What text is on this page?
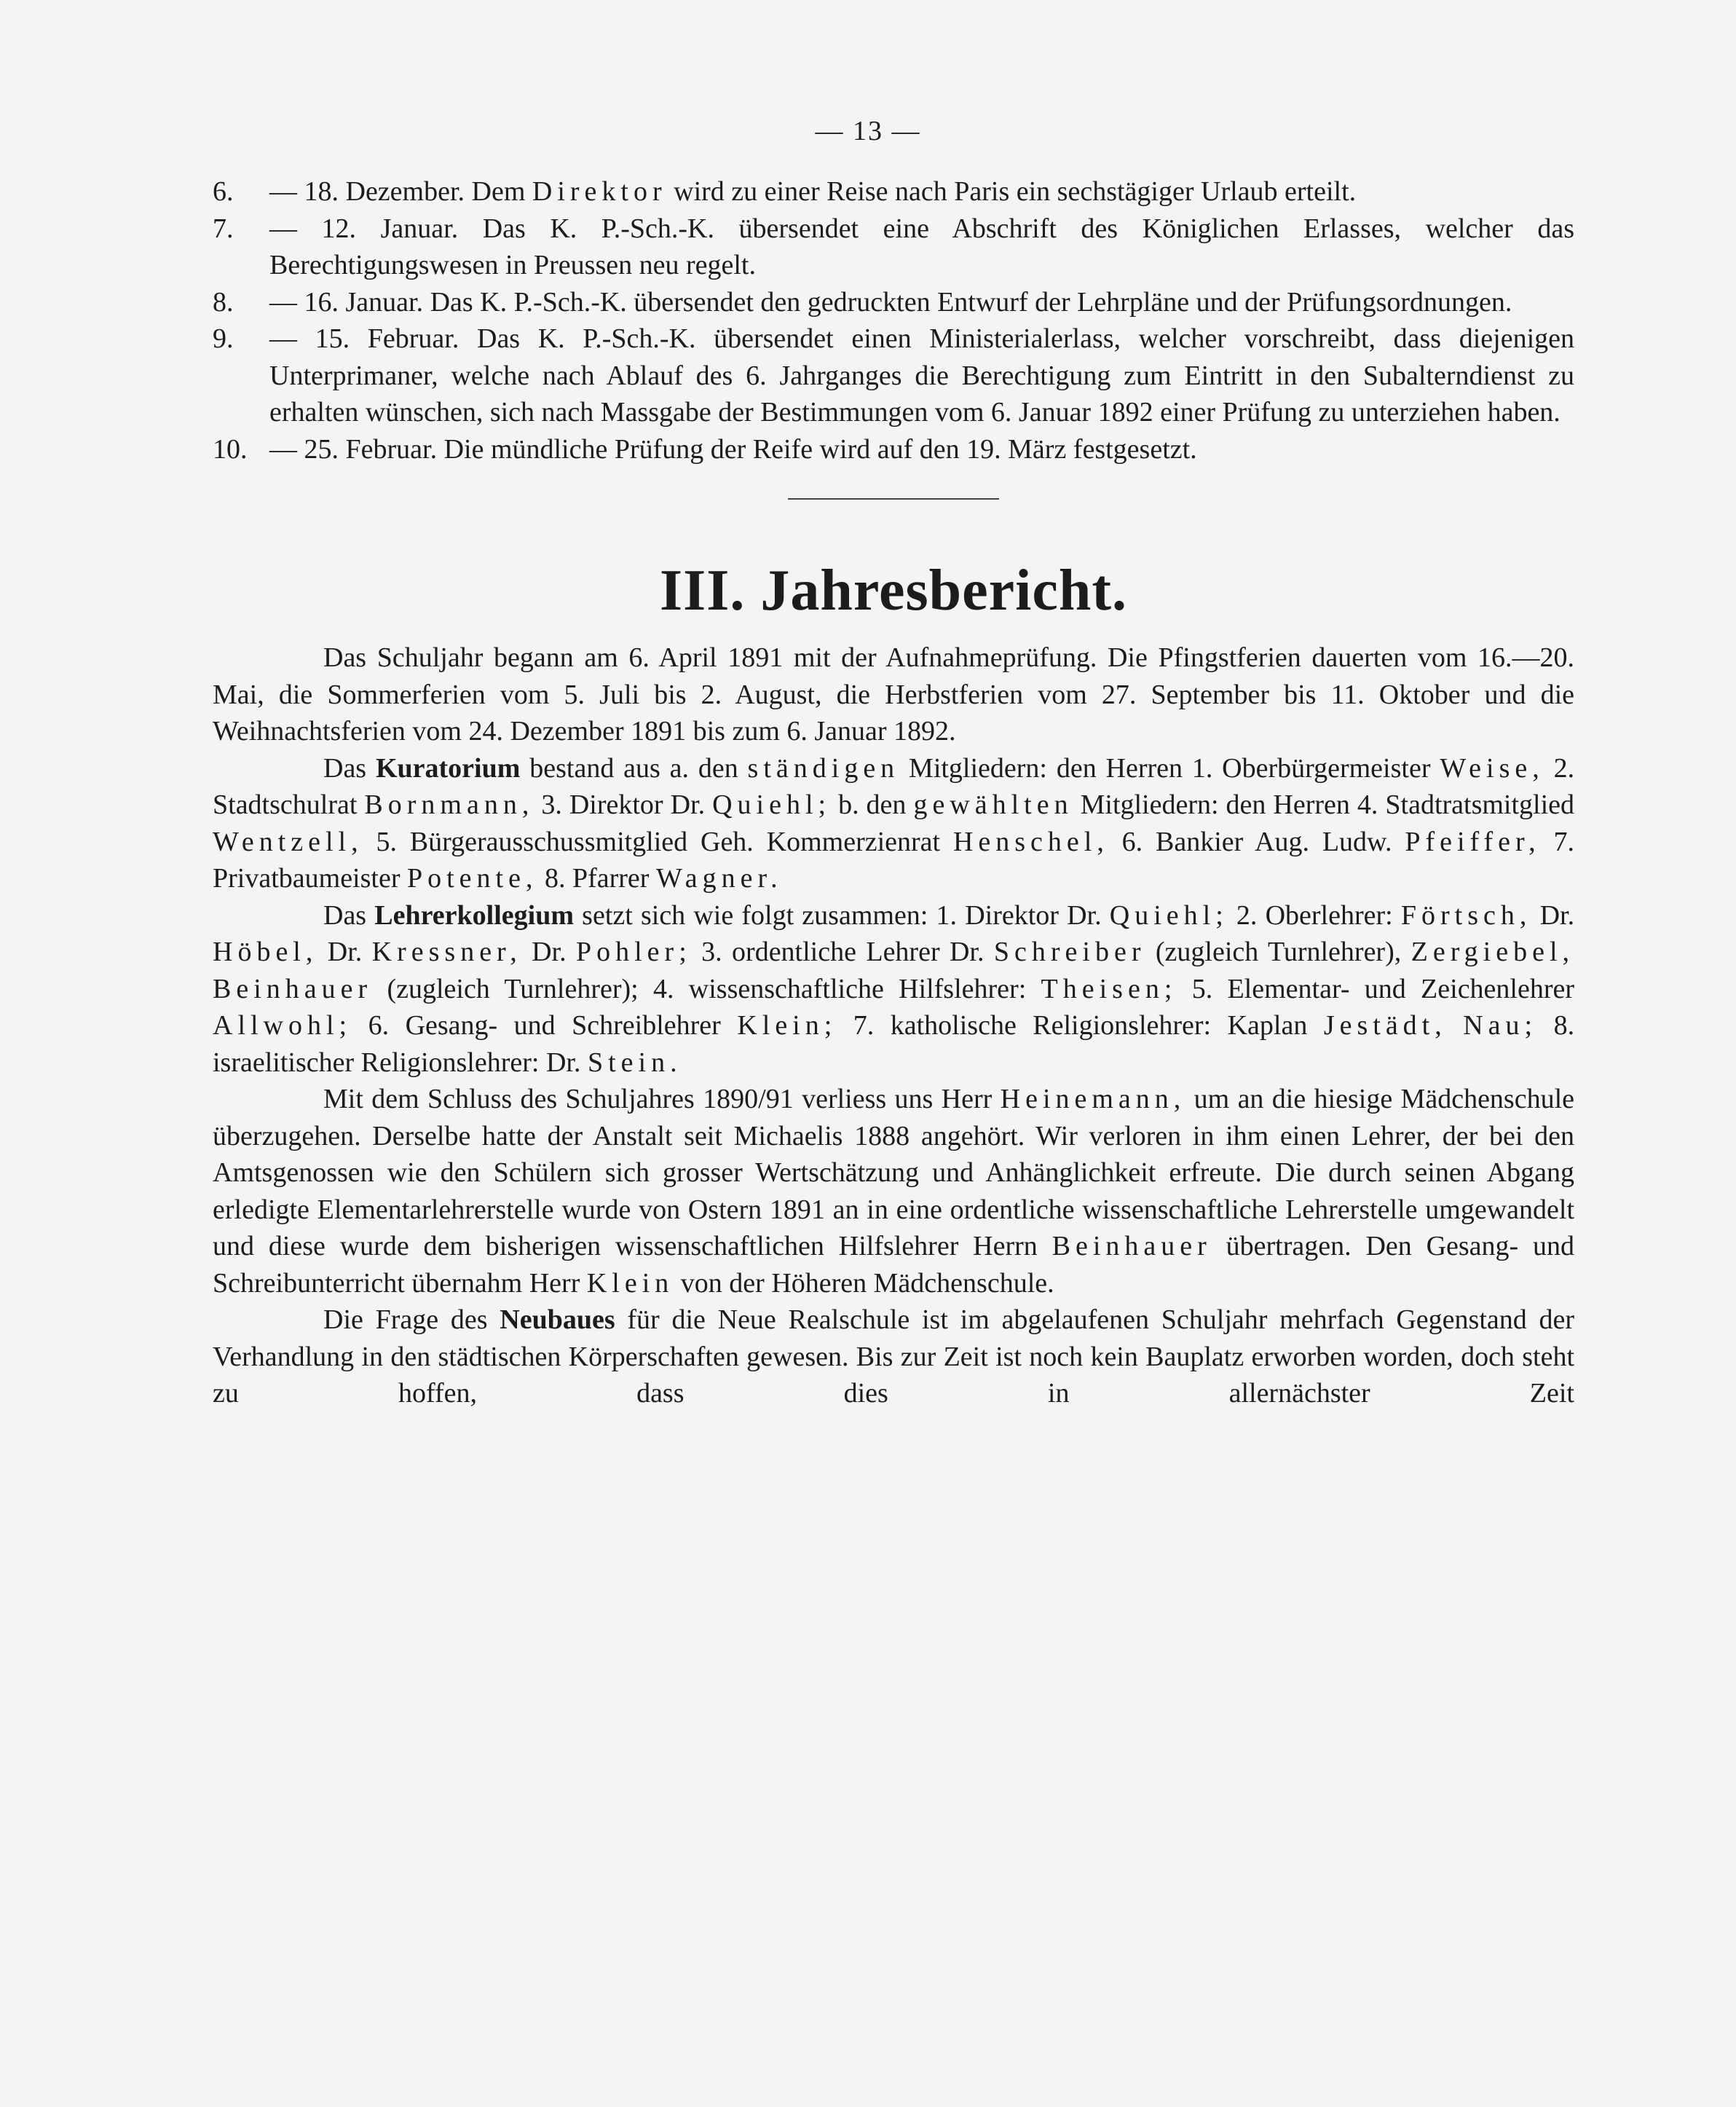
— 13 —

6. — 18. Dezember. Dem Direktor wird zu einer Reise nach Paris ein sechstägiger Urlaub erteilt.

7. — 12. Januar. Das K. P.-Sch.-K. übersendet eine Abschrift des Königlichen Erlasses, welcher das Berechtigungswesen in Preussen neu regelt.

8. — 16. Januar. Das K. P.-Sch.-K. übersendet den gedruckten Entwurf der Lehrpläne und der Prüfungsordnungen.

9. — 15. Februar. Das K. P.-Sch.-K. übersendet einen Ministerialerlass, welcher vorschreibt, dass diejenigen Unterprimaner, welche nach Ablauf des 6. Jahrganges die Berechtigung zum Eintritt in den Subalterndienst zu erhalten wünschen, sich nach Massgabe der Bestimmungen vom 6. Januar 1892 einer Prüfung zu unterziehen haben.

10. — 25. Februar. Die mündliche Prüfung der Reife wird auf den 19. März festgesetzt.

III. Jahresbericht.

Das Schuljahr begann am 6. April 1891 mit der Aufnahmeprüfung. Die Pfingstferien dauerten vom 16.—20. Mai, die Sommerferien vom 5. Juli bis 2. August, die Herbstferien vom 27. September bis 11. Oktober und die Weihnachtsferien vom 24. Dezember 1891 bis zum 6. Januar 1892.

Das Kuratorium bestand aus a. den ständigen Mitgliedern: den Herren 1. Oberbürgermeister Weise, 2. Stadtschulrat Bornmann, 3. Direktor Dr. Quiehl; b. den gewählten Mitgliedern: den Herren 4. Stadtratsmitglied Wentzell, 5. Bürgerausschussmitglied Geh. Kommerzienrat Henschel, 6. Bankier Aug. Ludw. Pfeiffer, 7. Privatbaumeister Potente, 8. Pfarrer Wagner.

Das Lehrerkollegium setzt sich wie folgt zusammen: 1. Direktor Dr. Quiehl; 2. Oberlehrer: Förtsch, Dr. Höbel, Dr. Kressner, Dr. Pohler; 3. ordentliche Lehrer Dr. Schreiber (zugleich Turnlehrer), Zergiebel, Beinhauer (zugleich Turnlehrer); 4. wissenschaftliche Hilfslehrer: Theisen; 5. Elementar- und Zeichenlehrer Allwohl; 6. Gesang- und Schreiblehrer Klein; 7. katholische Religionslehrer: Kaplan Jestädt, Nau; 8. israelitischer Religionslehrer: Dr. Stein.

Mit dem Schluss des Schuljahres 1890/91 verliess uns Herr Heinemann, um an die hiesige Mädchenschule überzugehen. Derselbe hatte der Anstalt seit Michaelis 1888 angehört. Wir verloren in ihm einen Lehrer, der bei den Amtsgenossen wie den Schülern sich grosser Wertschätzung und Anhänglichkeit erfreute. Die durch seinen Abgang erledigte Elementarlehrerstelle wurde von Ostern 1891 an in eine ordentliche wissenschaftliche Lehrerstelle umgewandelt und diese wurde dem bisherigen wissenschaftlichen Hilfslehrer Herrn Beinhauer übertragen. Den Gesang- und Schreibunterricht übernahm Herr Klein von der Höheren Mädchenschule.

Die Frage des Neubaues für die Neue Realschule ist im abgelaufenen Schuljahr mehrfach Gegenstand der Verhandlung in den städtischen Körperschaften gewesen. Bis zur Zeit ist noch kein Bauplatz erworben worden, doch steht zu hoffen, dass dies in allernächster Zeit
